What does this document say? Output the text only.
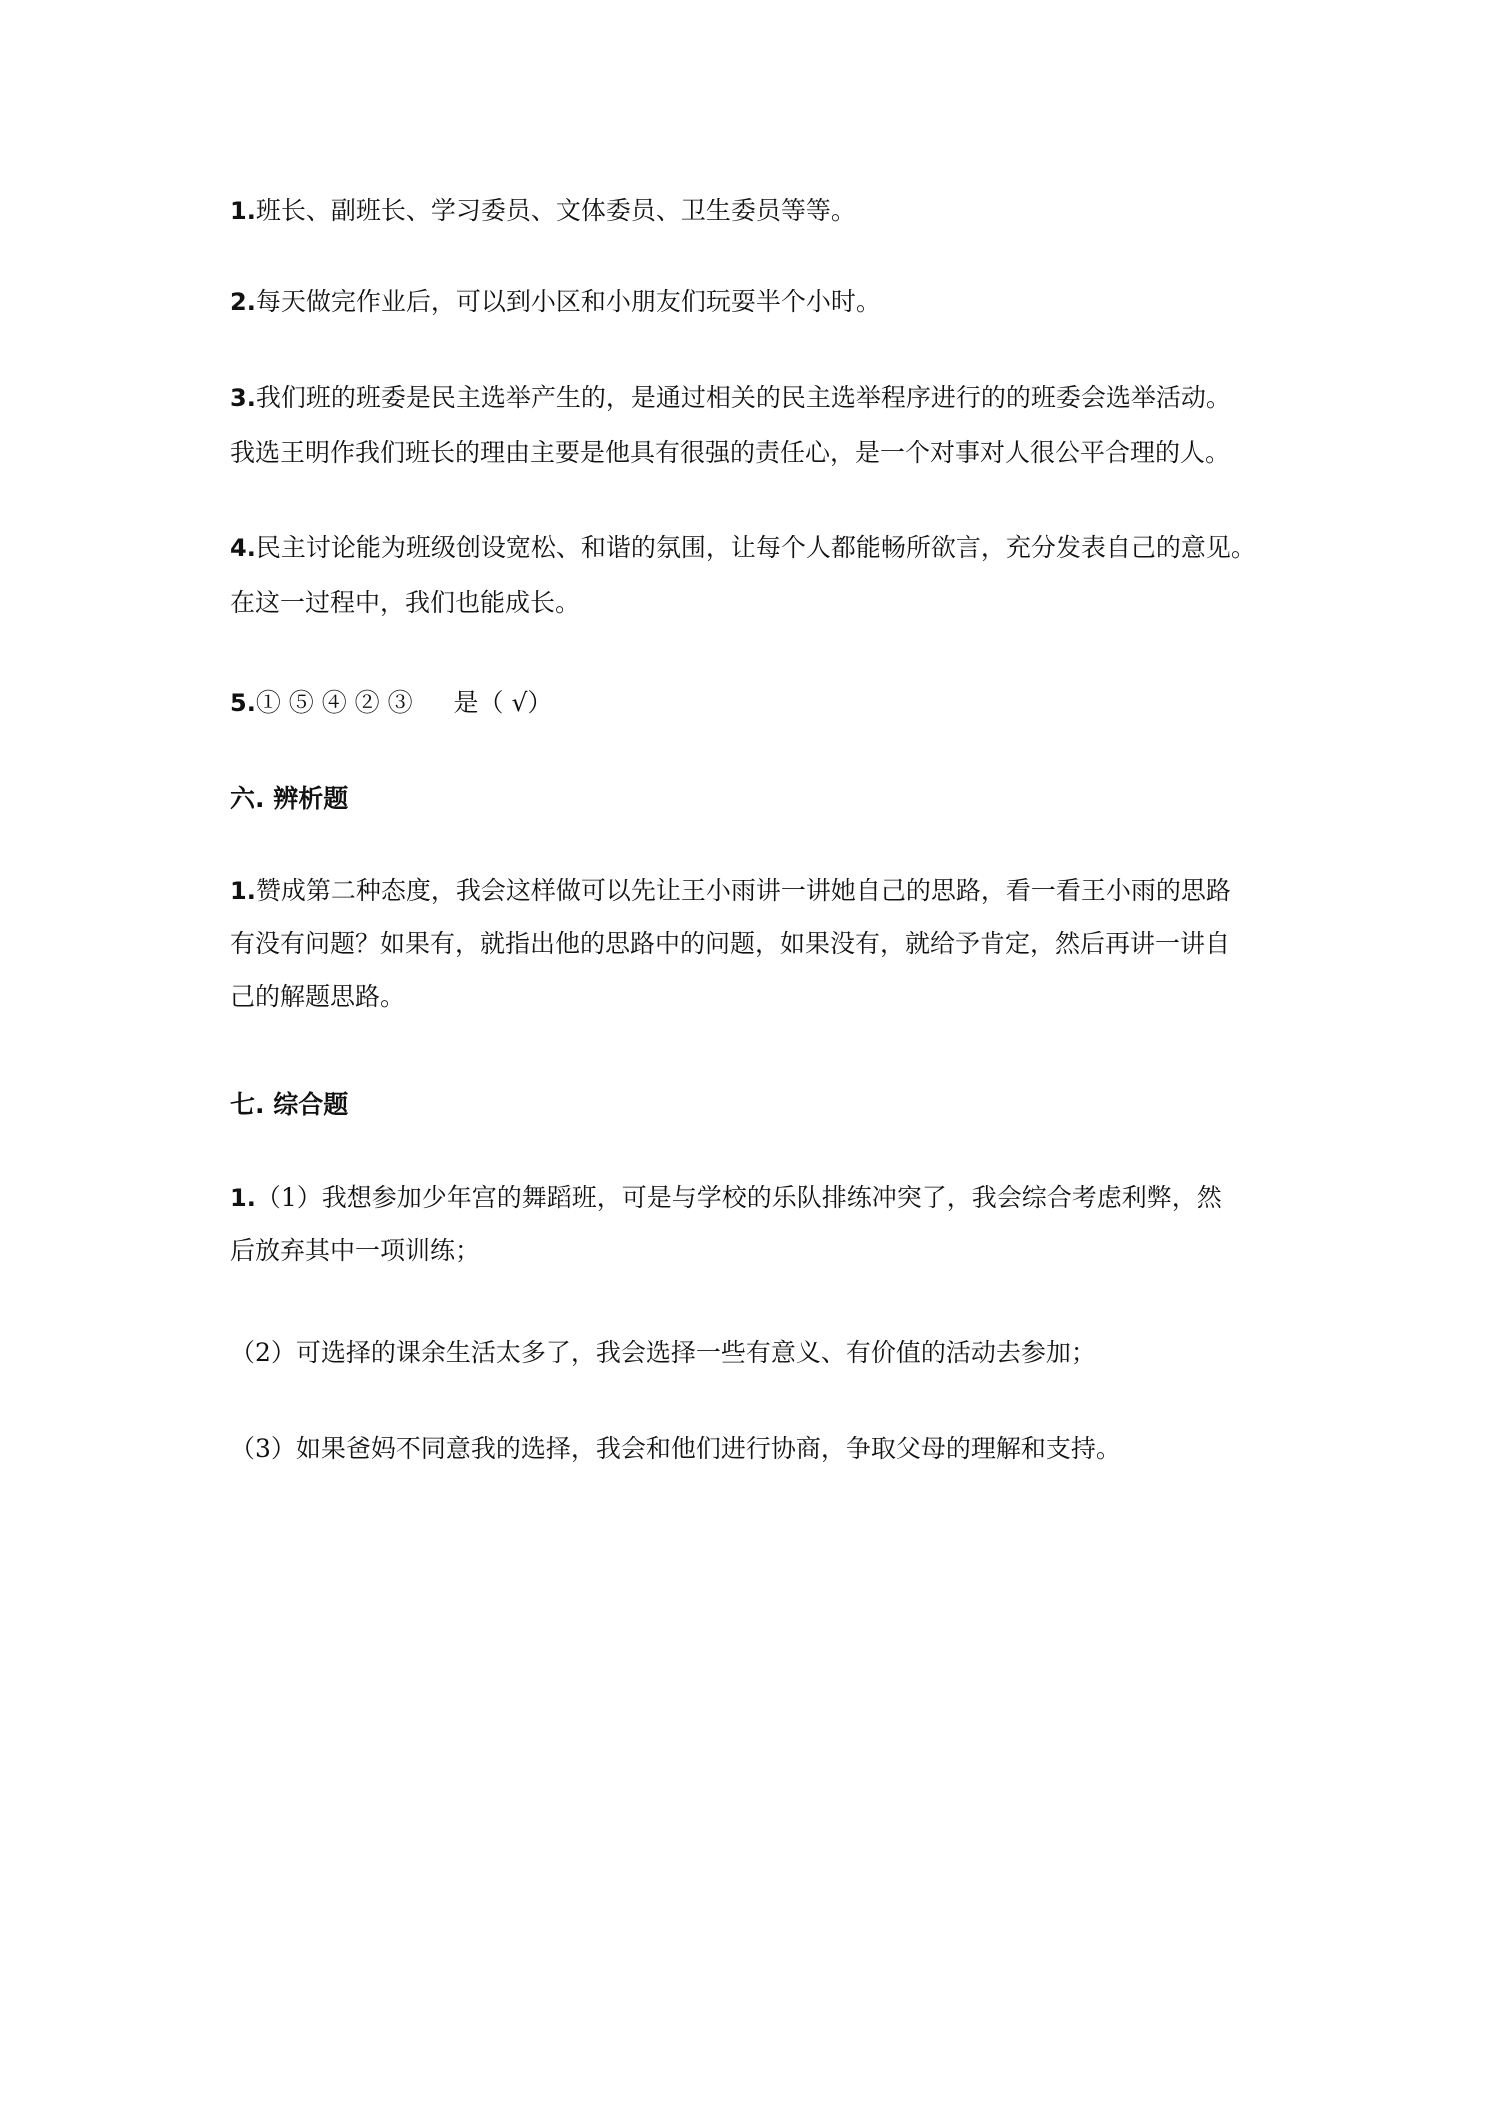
1.班长、副班长、学习委员、文体委员、卫生委员等等。
2.每天做完作业后，可以到小区和小朋友们玩耍半个小时。
3.我们班的班委是民主选举产生的，是通过相关的民主选举程序进行的的班委会选举活动。
我选王明作我们班长的理由主要是他具有很强的责任心，是一个对事对人很公平合理的人。
4.民主讨论能为班级创设宽松、和谐的氛围，让每个人都能畅所欲言，充分发表自己的意见。
在这一过程中，我们也能成长。
5.① ⑤ ④ ② ③ 　 是（ √）
六. 辨析题
1.赞成第二种态度，我会这样做可以先让王小雨讲一讲她自己的思路，看一看王小雨的思路
有没有问题？如果有，就指出他的思路中的问题，如果没有，就给予肯定，然后再讲一讲自
己的解题思路。
七. 综合题
1.（1）我想参加少年宫的舞蹈班，可是与学校的乐队排练冲突了，我会综合考虑利弊，然
后放弃其中一项训练；
（2）可选择的课余生活太多了，我会选择一些有意义、有价值的活动去参加；
（3）如果爸妈不同意我的选择，我会和他们进行协商，争取父母的理解和支持。
